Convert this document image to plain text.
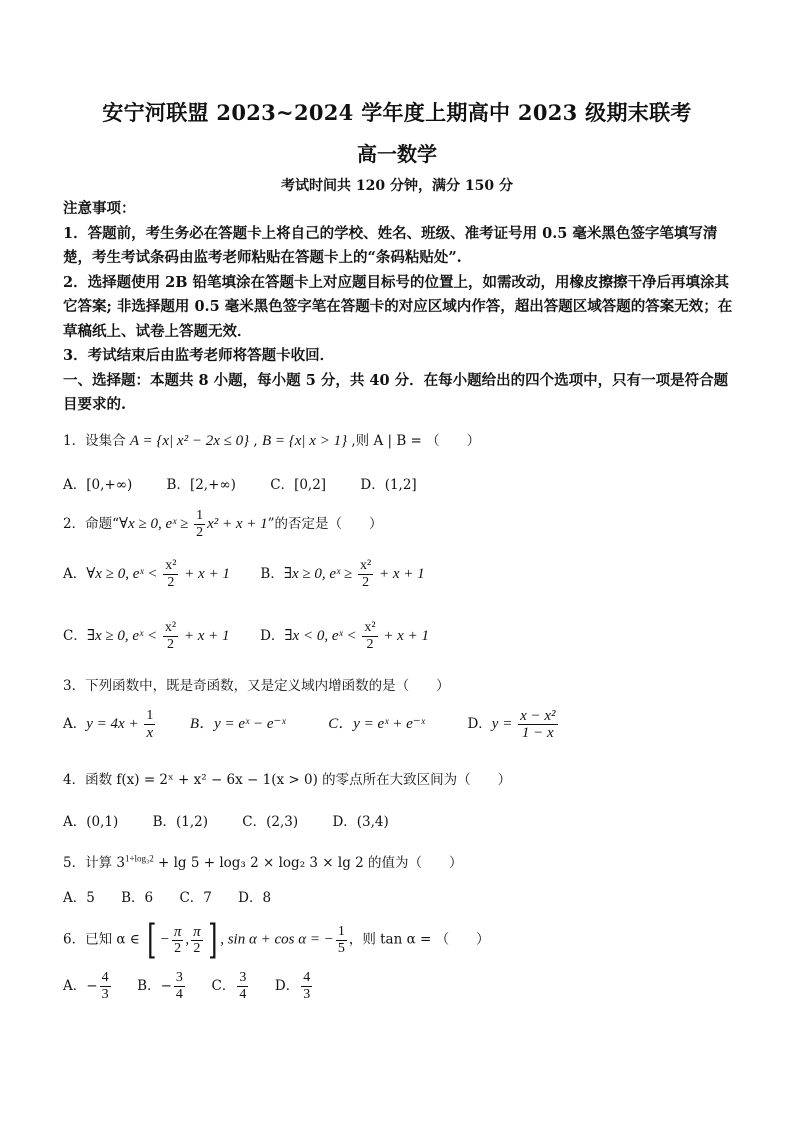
安宁河联盟 2023~2024 学年度上期高中 2023 级期末联考
高一数学
考试时间共 120 分钟，满分 150 分

注意事项：

1．答题前，考生务必在答题卡上将自己的学校、姓名、班级、准考证号用 0.5 毫米黑色签字笔填写清楚，考生考试条码由监考老师粘贴在答题卡上的“条码粘贴处”.

2．选择题使用 2B 铅笔填涂在答题卡上对应题目标号的位置上，如需改动，用橡皮擦擦干净后再填涂其它答案; 非选择题用 0.5 毫米黑色签字笔在答题卡的对应区域内作答，超出答题区域答题的答案无效；在草稿纸上、试卷上答题无效．

3．考试结束后由监考老师将答题卡收回．

一、选择题：本题共 8 小题，每小题 5 分，共 40 分．在每小题给出的四个选项中，只有一项是符合题目要求的.

1．设集合 A = {x| x² − 2x ≤ 0} , B = {x| x > 1} ,则 A | B = （　　）
A．[0,+∞)	B．[2,+∞)	C．[0,2]	D．(1,2]
2．命题“∀x ≥ 0, eˣ ≥ $\frac{1}{2} x^2 + x + 1$”的否定是（　　）
A．∀x ≥ 0, eˣ < $\frac{\text{x²}}{2} + x + 1$ B．∃x ≥ 0, eˣ ≥ $\frac{\text{x²}}{2} + x + 1$
C．∃x ≥ 0, eˣ < $\frac{\text{x²}}{2} + x + 1$ D．∃x < 0, eˣ < $\frac{\text{x²}}{2} + x + 1$
3．下列函数中，既是奇函数，又是定义域内增函数的是（　　）
A．$y = 4x + \frac{1}{x}$ B．y = eˣ − e⁻ˣ	C．y = eˣ + e⁻ˣ	D．$y = \frac{\text{x − x²}}{1 - x}$
4．函数 f(x) = 2ˣ + x² − 6x − 1(x > 0) 的零点所在大致区间为（　　）
A．(0,1)	B．(1,2)	C．(2,3)	D．(3,4)
5．计算 $3^{1+log_32} + \lg 5 + \log_3$ 2 × log₂ 3 × lg 2 的值为（　　）
A．5 B．6 C．7 D．8
6．已知 α ∈ [ − $\frac{\pi}{2}$ , $\frac{\pi}{2}$ ] , sin α + cos α = − $\frac{1}{5}$ ，则 tan α = （　　）
A．− $\frac{4}{3}$ B．− $\frac{3}{4}$ C． $\frac{3}{4}$ D． $\frac{4}{3}$
